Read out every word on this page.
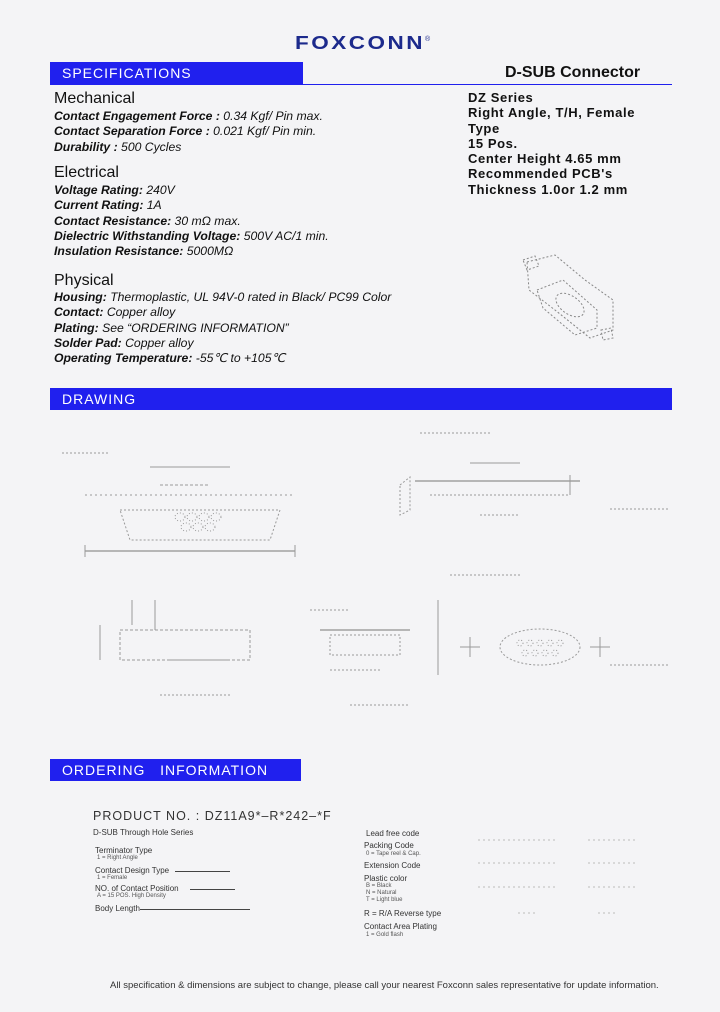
FOXCONN ®
SPECIFICATIONS	D-SUB Connector
DZ Series
Right Angle, T/H, Female
Type
15 Pos.
Center Height 4.65 mm
Recommended PCB's
Thickness 1.0or 1.2 mm
Mechanical
Contact Engagement Force : 0.34 Kgf/ Pin max.
Contact Separation Force : 0.021 Kgf/ Pin min.
Durability : 500 Cycles
Electrical
Voltage Rating: 240V
Current Rating: 1A
Contact Resistance: 30 mΩ max.
Dielectric Withstanding Voltage: 500V AC/1 min.
Insulation Resistance: 5000MΩ
Physical
Housing: Thermoplastic, UL 94V-0 rated in Black/ PC99 Color
Contact: Copper alloy
Plating: See “ORDERING INFORMATION”
Solder Pad: Copper alloy
Operating Temperature: -55℃ to +105℃
DRAWING
ORDERING   INFORMATION
PRODUCT NO. : DZ11A9*–R*242–*F
D-SUB Through Hole Series
Terminator Type
1 = Right Angle
Contact Design Type
1 = Female
NO. of Contact Position
A = 15 POS. High Density
Body Length
Lead free code
Packing Code
0 = Tape reel & Cap.
Extension Code
Plastic color
B = Black
N = Natural
T = Light blue
R = R/A Reverse type
Contact Area Plating
1 = Gold flash
All specification & dimensions are subject to change, please call your nearest Foxconn sales representative for update information.
